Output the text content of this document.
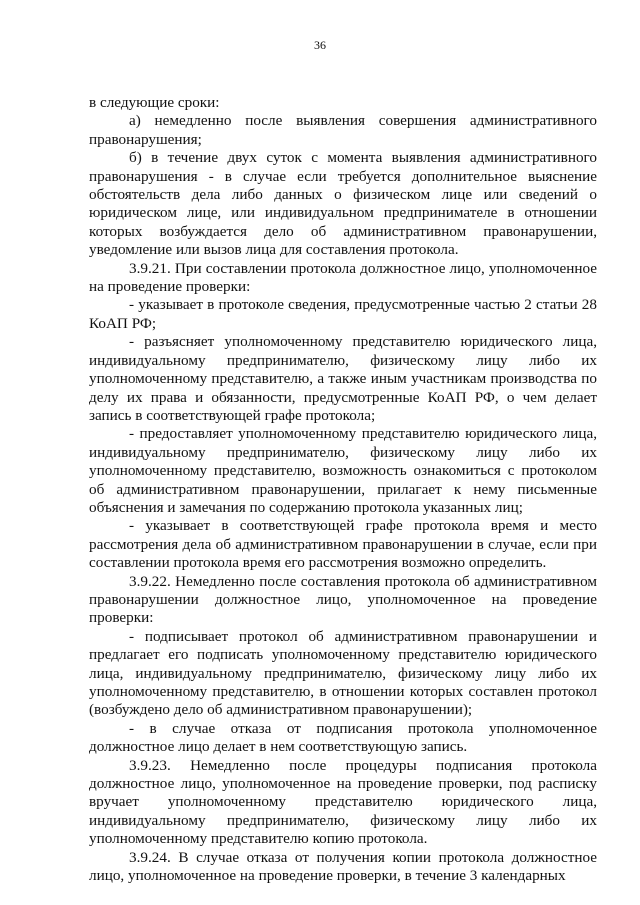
36

в следующие сроки:

а) немедленно после выявления совершения административного правонарушения;

б) в течение двух суток с момента выявления административного правонарушения - в случае если требуется дополнительное выяснение обстоятельств дела либо данных о физическом лице или сведений о юридическом лице, или индивидуальном предпринимателе в отношении которых возбуждается дело об административном правонарушении, уведомление или вызов лица для составления протокола.

3.9.21. При составлении протокола должностное лицо, уполномоченное на проведение проверки:

- указывает в протоколе сведения, предусмотренные частью 2 статьи 28 КоАП РФ;

- разъясняет уполномоченному представителю юридического лица, индивидуальному предпринимателю, физическому лицу либо их уполномоченному представителю, а также иным участникам производства по делу их права и обязанности, предусмотренные КоАП РФ, о чем делает запись в соответствующей графе протокола;

- предоставляет уполномоченному представителю юридического лица, индивидуальному предпринимателю, физическому лицу либо их уполномоченному представителю, возможность ознакомиться с протоколом об административном правонарушении, прилагает к нему письменные объяснения и замечания по содержанию протокола указанных лиц;

- указывает в соответствующей графе протокола время и место рассмотрения дела об административном правонарушении в случае, если при составлении протокола время его рассмотрения возможно определить.

3.9.22. Немедленно после составления протокола об административном правонарушении должностное лицо, уполномоченное на проведение проверки:

- подписывает протокол об административном правонарушении и предлагает его подписать уполномоченному представителю юридического лица, индивидуальному предпринимателю, физическому лицу либо их уполномоченному представителю, в отношении которых составлен протокол (возбуждено дело об административном правонарушении);

- в случае отказа от подписания протокола уполномоченное должностное лицо делает в нем соответствующую запись.

3.9.23. Немедленно после процедуры подписания протокола должностное лицо, уполномоченное на проведение проверки, под расписку вручает уполномоченному представителю юридического лица, индивидуальному предпринимателю, физическому лицу либо их уполномоченному представителю копию протокола.

3.9.24. В случае отказа от получения копии протокола должностное лицо, уполномоченное на проведение проверки, в течение 3 календарных
